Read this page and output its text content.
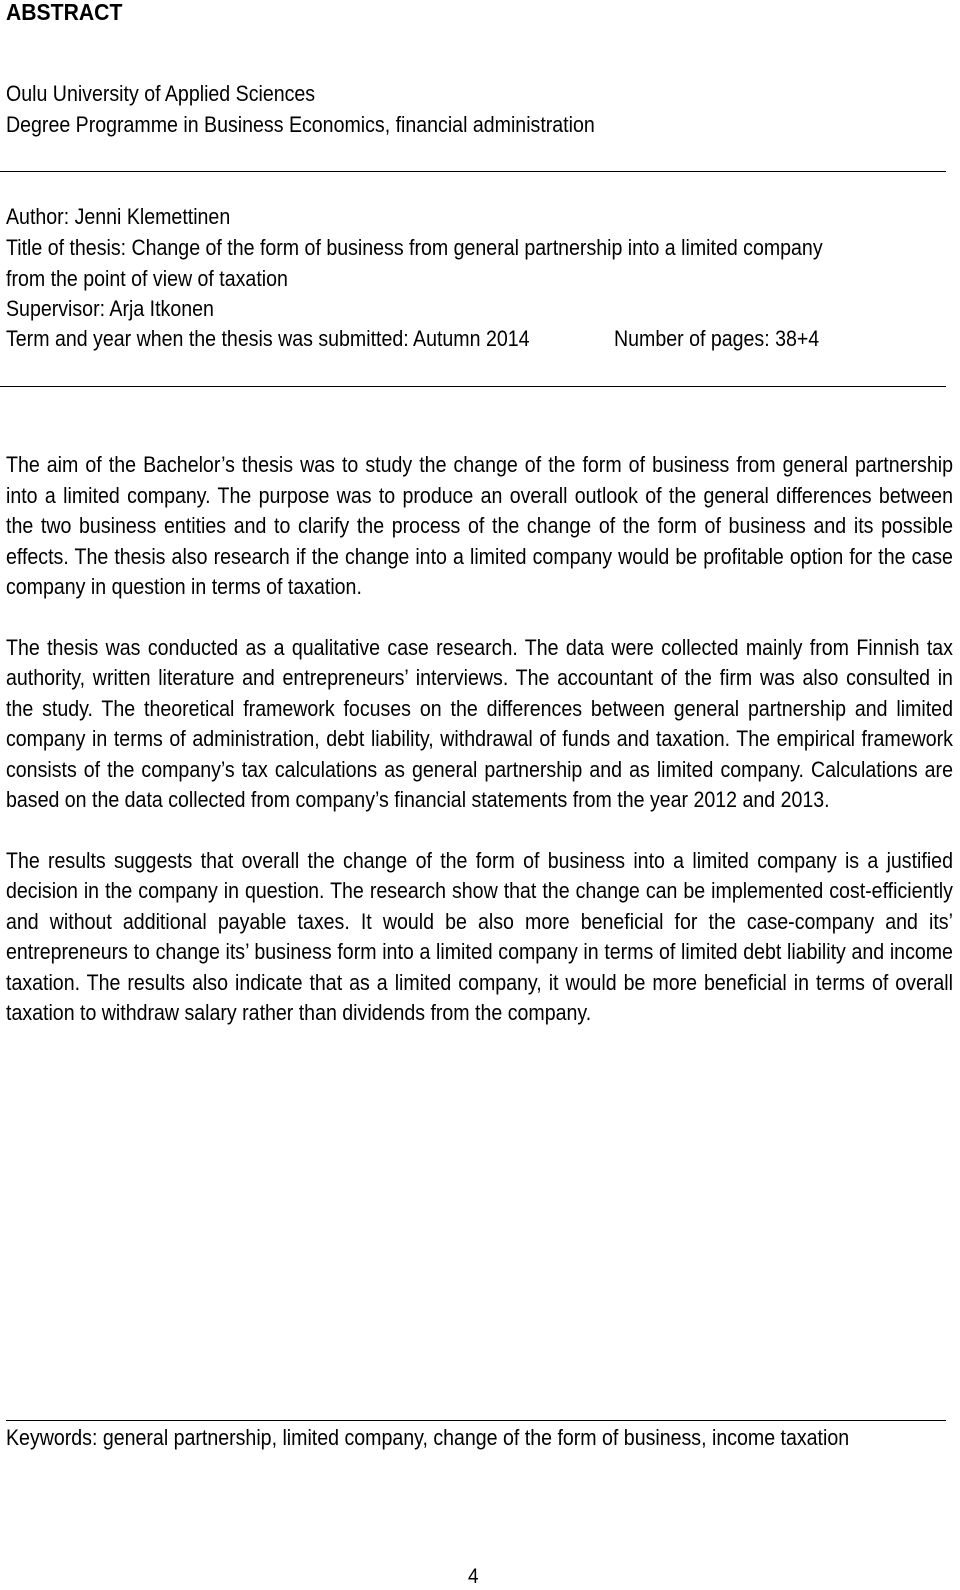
ABSTRACT
Oulu University of Applied Sciences
Degree Programme in Business Economics, financial administration
Author: Jenni Klemettinen
Title of thesis: Change of the form of business from general partnership into a limited company
from the point of view of taxation
Supervisor: Arja Itkonen
Term and year when the thesis was submitted: Autumn 2014	Number of pages: 38+4

The aim of the Bachelor’s thesis was to study the change of the form of business from general partnership into a limited company. The purpose was to produce an overall outlook of the general differences between the two business entities and to clarify the process of the change of the form of business and its possible effects. The thesis also research if the change into a limited company would be profitable option for the case company in question in terms of taxation.

The thesis was conducted as a qualitative case research. The data were collected mainly from Finnish tax authority, written literature and entrepreneurs’ interviews. The accountant of the firm was also consulted in the study. The theoretical framework focuses on the differences between general partnership and limited company in terms of administration, debt liability, withdrawal of funds and taxation. The empirical framework consists of the company’s tax calculations as general partnership and as limited company. Calculations are based on the data collected from company’s financial statements from the year 2012 and 2013.

The results suggests that overall the change of the form of business into a limited company is a justified decision in the company in question. The research show that the change can be implemented cost-efficiently and without additional payable taxes. It would be also more beneficial for the case-company and its’ entrepreneurs to change its’ business form into a limited company in terms of limited debt liability and income taxation. The results also indicate that as a limited company, it would be more beneficial in terms of overall taxation to withdraw salary rather than dividends from the company.

Keywords: general partnership, limited company, change of the form of business, income taxation
4
